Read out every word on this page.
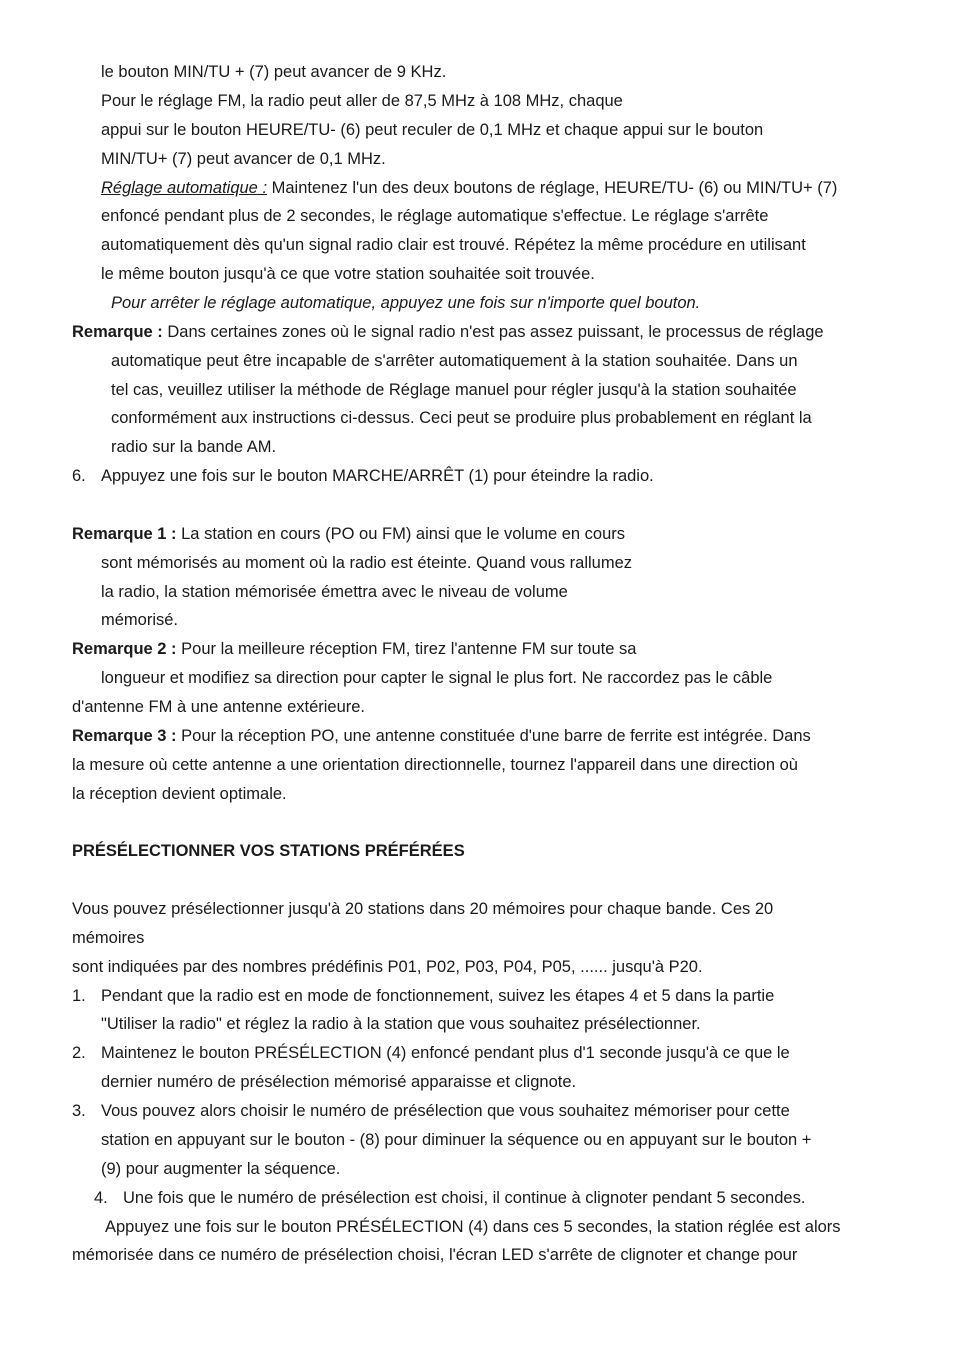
le bouton MIN/TU + (7) peut avancer de 9 KHz.
Pour le réglage FM, la radio peut aller de 87,5 MHz à 108 MHz, chaque
appui sur le bouton HEURE/TU- (6) peut reculer de 0,1 MHz et chaque appui sur le bouton
MIN/TU+ (7) peut avancer de 0,1 MHz.
Réglage automatique : Maintenez l'un des deux boutons de réglage, HEURE/TU- (6) ou MIN/TU+ (7)
enfoncé pendant plus de 2 secondes, le réglage automatique s'effectue. Le réglage s'arrête
automatiquement dès qu'un signal radio clair est trouvé. Répétez la même procédure en utilisant
le même bouton jusqu'à ce que votre station souhaitée soit trouvée.
Pour arrêter le réglage automatique, appuyez une fois sur n'importe quel bouton.
Remarque : Dans certaines zones où le signal radio n'est pas assez puissant, le processus de réglage
automatique peut être incapable de s'arrêter automatiquement à la station souhaitée. Dans un
tel cas, veuillez utiliser la méthode de Réglage manuel pour régler jusqu'à la station souhaitée
conformément aux instructions ci-dessus. Ceci peut se produire plus probablement en réglant la
radio sur la bande AM.
6. Appuyez une fois sur le bouton MARCHE/ARRÊT (1) pour éteindre la radio.
Remarque 1 : La station en cours (PO ou FM) ainsi que le volume en cours
sont mémorisés au moment où la radio est éteinte. Quand vous rallumez
la radio, la station mémorisée émettra avec le niveau de volume
mémorisé.
Remarque 2 : Pour la meilleure réception FM, tirez l'antenne FM sur toute sa
longueur et modifiez sa direction pour capter le signal le plus fort. Ne raccordez pas le câble
d'antenne FM à une antenne extérieure.
Remarque 3 : Pour la réception PO, une antenne constituée d'une barre de ferrite est intégrée. Dans
la mesure où cette antenne a une orientation directionnelle, tournez l'appareil dans une direction où
la réception devient optimale.
PRÉSÉLECTIONNER VOS STATIONS PRÉFÉRÉES
Vous pouvez présélectionner jusqu'à 20 stations dans 20 mémoires pour chaque bande. Ces 20
mémoires
sont indiquées par des nombres prédéfinis P01, P02, P03, P04, P05, ...... jusqu'à P20.
1. Pendant que la radio est en mode de fonctionnement, suivez les étapes 4 et 5 dans la partie
"Utiliser la radio" et réglez la radio à la station que vous souhaitez présélectionner.
2. Maintenez le bouton PRÉSÉLECTION (4) enfoncé pendant plus d'1 seconde jusqu'à ce que le
dernier numéro de présélection mémorisé apparaisse et clignote.
3. Vous pouvez alors choisir le numéro de présélection que vous souhaitez mémoriser pour cette
station en appuyant sur le bouton - (8) pour diminuer la séquence ou en appuyant sur le bouton +
(9) pour augmenter la séquence.
4. Une fois que le numéro de présélection est choisi, il continue à clignoter pendant 5 secondes.
Appuyez une fois sur le bouton PRÉSÉLECTION (4) dans ces 5 secondes, la station réglée est alors
mémorisée dans ce numéro de présélection choisi, l'écran LED s'arrête de clignoter et change pour
